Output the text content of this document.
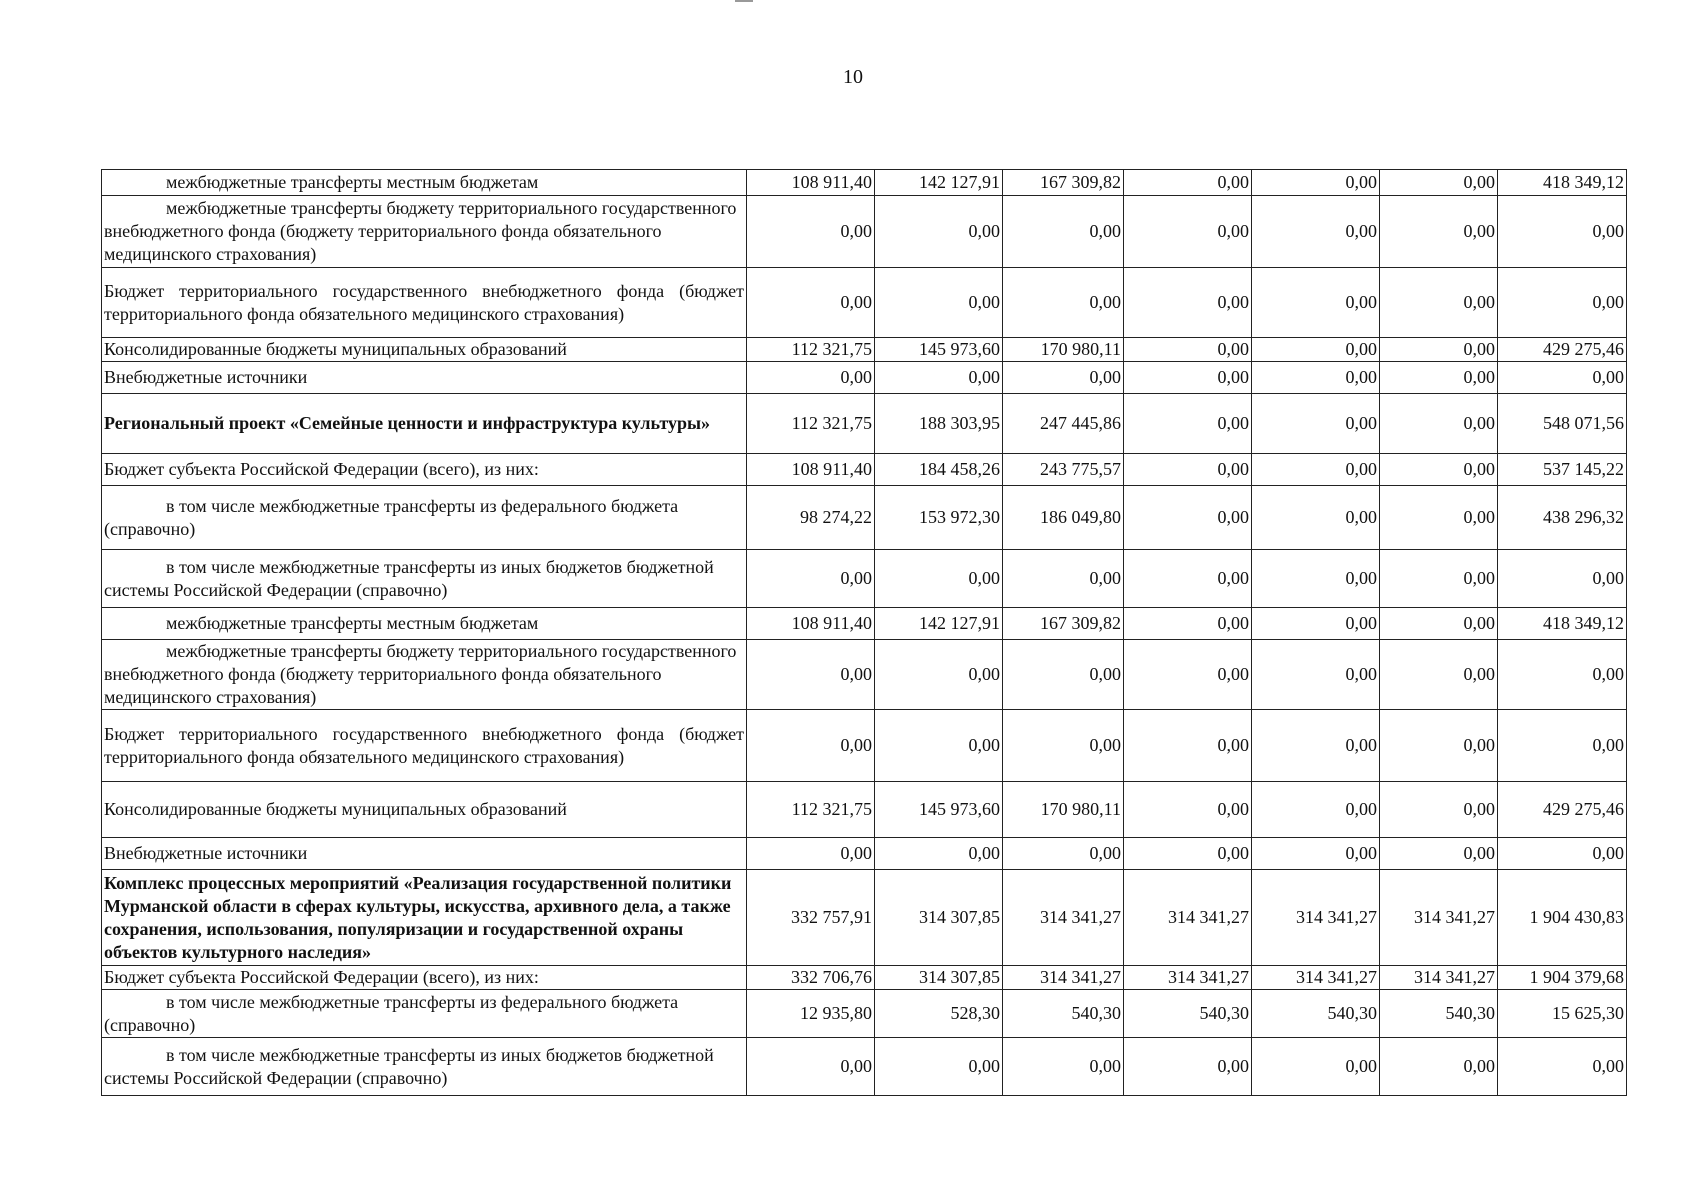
10
межбюджетные трансферты местным бюджетам	108 911,40	142 127,91	167 309,82	0,00	0,00	0,00	418 349,12
межбюджетные трансферты бюджету территориального государственного внебюджетного фонда (бюджету территориального фонда обязательного медицинского страхования)	0,00	0,00	0,00	0,00	0,00	0,00	0,00
Бюджет территориального государственного внебюджетного фонда (бюджет территориального фонда обязательного медицинского страхования)	0,00	0,00	0,00	0,00	0,00	0,00	0,00
Консолидированные бюджеты муниципальных образований	112 321,75	145 973,60	170 980,11	0,00	0,00	0,00	429 275,46
Внебюджетные источники	0,00	0,00	0,00	0,00	0,00	0,00	0,00
Региональный проект «Семейные ценности и инфраструктура культуры»	112 321,75	188 303,95	247 445,86	0,00	0,00	0,00	548 071,56
Бюджет субъекта Российской Федерации (всего), из них:	108 911,40	184 458,26	243 775,57	0,00	0,00	0,00	537 145,22
в том числе межбюджетные трансферты из федерального бюджета (справочно)	98 274,22	153 972,30	186 049,80	0,00	0,00	0,00	438 296,32
в том числе межбюджетные трансферты из иных бюджетов бюджетной системы Российской Федерации (справочно)	0,00	0,00	0,00	0,00	0,00	0,00	0,00
межбюджетные трансферты местным бюджетам	108 911,40	142 127,91	167 309,82	0,00	0,00	0,00	418 349,12
межбюджетные трансферты бюджету территориального государственного внебюджетного фонда (бюджету территориального фонда обязательного медицинского страхования)	0,00	0,00	0,00	0,00	0,00	0,00	0,00
Бюджет территориального государственного внебюджетного фонда (бюджет территориального фонда обязательного медицинского страхования)	0,00	0,00	0,00	0,00	0,00	0,00	0,00
Консолидированные бюджеты муниципальных образований	112 321,75	145 973,60	170 980,11	0,00	0,00	0,00	429 275,46
Внебюджетные источники	0,00	0,00	0,00	0,00	0,00	0,00	0,00
Комплекс процессных мероприятий «Реализация государственной политики Мурманской области в сферах культуры, искусства, архивного дела, а также сохранения, использования, популяризации и государственной охраны объектов культурного наследия»	332 757,91	314 307,85	314 341,27	314 341,27	314 341,27	314 341,27	1 904 430,83
Бюджет субъекта Российской Федерации (всего), из них:	332 706,76	314 307,85	314 341,27	314 341,27	314 341,27	314 341,27	1 904 379,68
в том числе межбюджетные трансферты из федерального бюджета (справочно)	12 935,80	528,30	540,30	540,30	540,30	540,30	15 625,30
в том числе межбюджетные трансферты из иных бюджетов бюджетной системы Российской Федерации (справочно)	0,00	0,00	0,00	0,00	0,00	0,00	0,00
